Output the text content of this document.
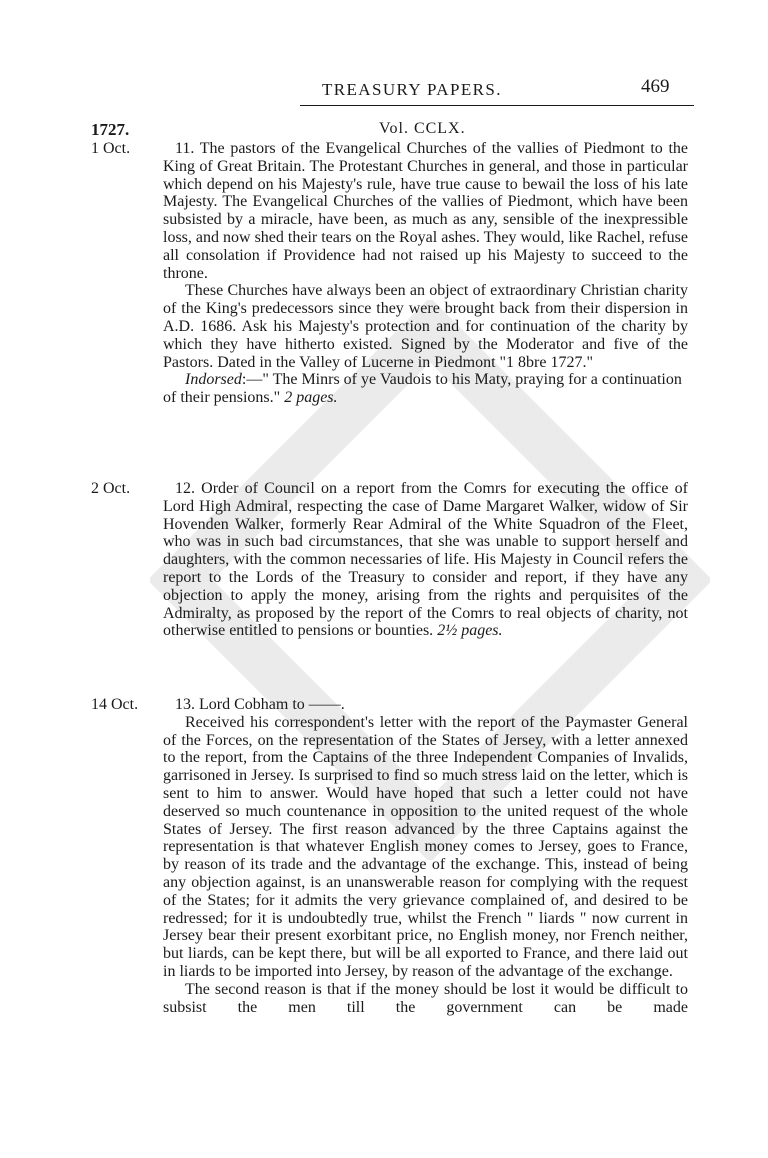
TREASURY PAPERS.	469
1727.	Vol. CCLX.
1 Oct.	11. The pastors of the Evangelical Churches of the vallies of Piedmont to the King of Great Britain. The Protestant Churches in general, and those in particular which depend on his Majesty's rule, have true cause to bewail the loss of his late Majesty. The Evangelical Churches of the vallies of Piedmont, which have been subsisted by a miracle, have been, as much as any, sensible of the inexpressible loss, and now shed their tears on the Royal ashes. They would, like Rachel, refuse all consolation if Providence had not raised up his Majesty to succeed to the throne.

These Churches have always been an object of extraordinary Christian charity of the King's predecessors since they were brought back from their dispersion in A.D. 1686. Ask his Majesty's protection and for continuation of the charity by which they have hitherto existed. Signed by the Moderator and five of the Pastors. Dated in the Valley of Lucerne in Piedmont "1 8bre 1727."

Indorsed:—" The Minrs of ye Vaudois to his Maty, praying for a continuation of their pensions." 2 pages.

2 Oct.	12. Order of Council on a report from the Comrs for executing the office of Lord High Admiral, respecting the case of Dame Margaret Walker, widow of Sir Hovenden Walker, formerly Rear Admiral of the White Squadron of the Fleet, who was in such bad circumstances, that she was unable to support herself and daughters, with the common necessaries of life. His Majesty in Council refers the report to the Lords of the Treasury to consider and report, if they have any objection to apply the money, arising from the rights and perquisites of the Admiralty, as proposed by the report of the Comrs to real objects of charity, not otherwise entitled to pensions or bounties. 2½ pages.

14 Oct.	13. Lord Cobham to ——.

Received his correspondent's letter with the report of the Paymaster General of the Forces, on the representation of the States of Jersey, with a letter annexed to the report, from the Captains of the three Independent Companies of Invalids, garrisoned in Jersey. Is surprised to find so much stress laid on the letter, which is sent to him to answer. Would have hoped that such a letter could not have deserved so much countenance in opposition to the united request of the whole States of Jersey. The first reason advanced by the three Captains against the representation is that whatever English money comes to Jersey, goes to France, by reason of its trade and the advantage of the exchange. This, instead of being any objection against, is an unanswerable reason for complying with the request of the States; for it admits the very grievance complained of, and desired to be redressed; for it is undoubtedly true, whilst the French " liards " now current in Jersey bear their present exorbitant price, no English money, nor French neither, but liards, can be kept there, but will be all exported to France, and there laid out in liards to be imported into Jersey, by reason of the advantage of the exchange.

The second reason is that if the money should be lost it would be difficult to subsist the men till the government can be made
